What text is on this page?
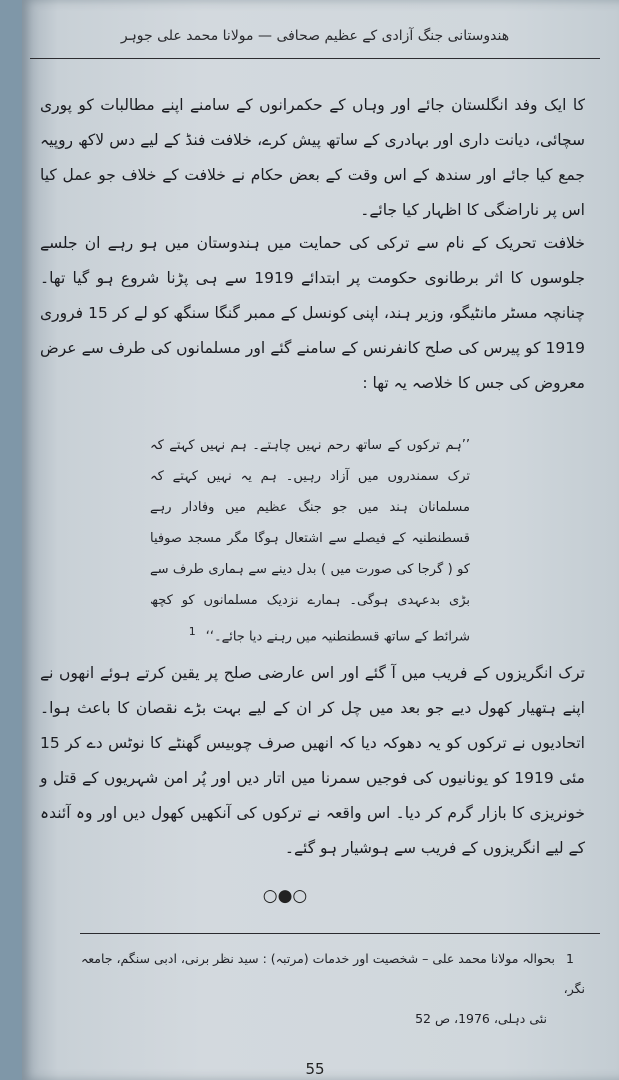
هندوستانی جنگ آزادی کے عظیم صحافی — مولانا محمد علی جوہر

کا ایک وفد انگلستان جائے اور وہاں کے حکمرانوں کے سامنے اپنے مطالبات کو پوری سچائی، دیانت داری اور بہادری کے ساتھ پیش کرے، خلافت فنڈ کے لیے دس لاکھ روپیہ جمع کیا جائے اور سندھ کے اس وقت کے بعض حکام نے خلافت کے خلاف جو عمل کیا اس پر ناراضگی کا اظہار کیا جائے۔

خلافت تحریک کے نام سے ترکی کی حمایت میں ہندوستان میں ہو رہے ان جلسے جلوسوں کا اثر برطانوی حکومت پر ابتدائے 1919 سے ہی پڑنا شروع ہو گیا تھا۔ چنانچہ مسٹر مانٹیگو، وزیر ہند، اپنی کونسل کے ممبر گنگا سنگھ کو لے کر 15 فروری 1919 کو پیرس کی صلح کانفرنس کے سامنے گئے اور مسلمانوں کی طرف سے عرض معروض کی جس کا خلاصہ یہ تھا :

’’ہم ترکوں کے ساتھ رحم نہیں چاہتے۔ ہم نہیں کہتے کہ ترک سمندروں میں آزاد رہیں۔ ہم یہ نہیں کہتے کہ مسلمانان ہند میں جو جنگ عظیم میں وفادار رہے قسطنطنیہ کے فیصلے سے اشتعال ہوگا مگر مسجد صوفیا کو ( گرجا کی صورت میں ) بدل دینے سے ہماری طرف سے بڑی بدعہدی ہوگی۔ ہمارے نزدیک مسلمانوں کو کچھ شرائط کے ساتھ قسطنطنیہ میں رہنے دیا جائے۔‘‘$^1$

ترک انگریزوں کے فریب میں آ گئے اور اس عارضی صلح پر یقین کرتے ہوئے انھوں نے اپنے ہتھیار کھول دیے جو بعد میں چل کر ان کے لیے بہت بڑے نقصان کا باعث ہوا۔ اتحادیوں نے ترکوں کو یہ دھوکہ دیا کہ انھیں صرف چوبیس گھنٹے کا نوٹس دے کر 15 مئی 1919 کو یونانیوں کی فوجیں سمرنا میں اتار دیں اور پُر امن شہریوں کے قتل و خونریزی کا بازار گرم کر دیا۔ اس واقعہ نے ترکوں کی آنکھیں کھول دیں اور وہ آئندہ کے لیے انگریزوں کے فریب سے ہوشیار ہو گئے۔

○●○
1بحوالہ مولانا محمد علی – شخصیت اور خدمات (مرتبہ) : سید نظر برنی، ادبی سنگم، جامعہ نگر،
نئی دہلی، 1976، ص 52
55
